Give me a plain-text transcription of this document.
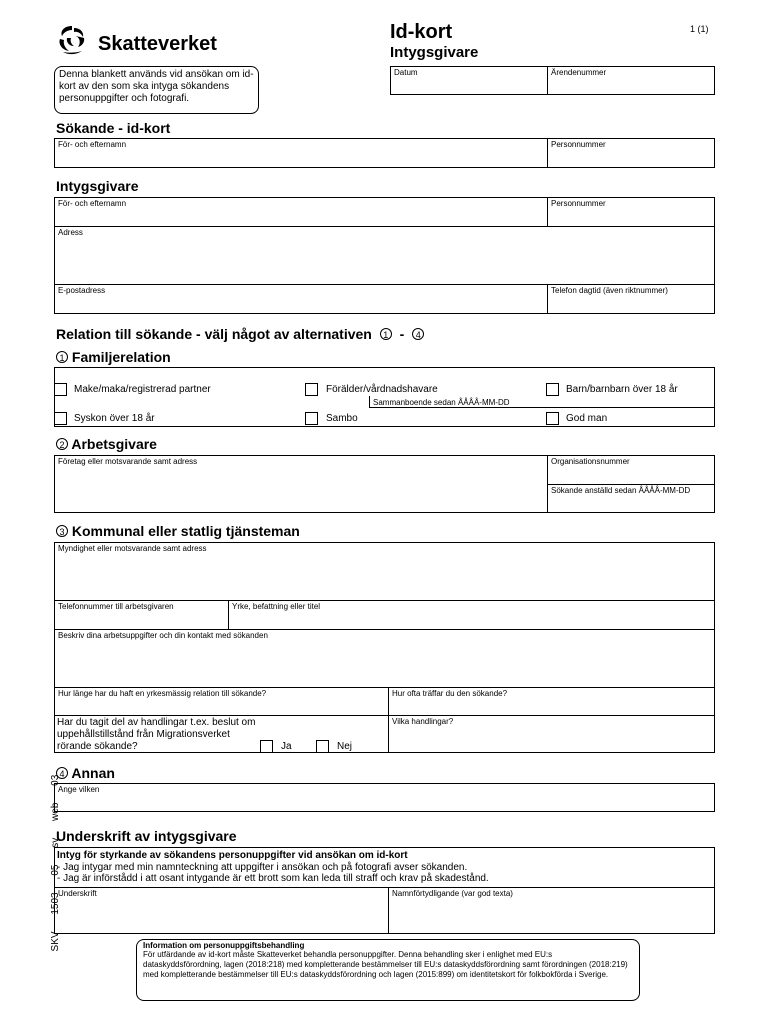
Skatteverket
Id-kort
Intygsgivare
1 (1)
Denna blankett används vid ansökan om id-kort av den som ska intyga sökandens personuppgifter och fotografi.
Datum	Ärendenummer
Sökande - id-kort
För- och efternamn	Personnummer
Intygsgivare
För- och efternamn	Personnummer
Adress
E-postadress	Telefon dagtid (även riktnummer)
Relation till sökande - välj något av alternativen 1 - 4
1 Familjerelation
Make/maka/registrerad partner	Förälder/vårdnadshavare	Barn/barnbarn över 18 år
Sammanboende sedan ÅÅÅÅ-MM-DD
Syskon över 18 år	Sambo	God man
2 Arbetsgivare
Företag eller motsvarande samt adress	Organisationsnummer
Sökande anställd sedan ÅÅÅÅ-MM-DD
3 Kommunal eller statlig tjänsteman
Myndighet eller motsvarande samt adress
Telefonnummer till arbetsgivaren	Yrke, befattning eller titel
Beskriv dina arbetsuppgifter och din kontakt med sökanden
Hur länge har du haft en yrkesmässig relation till sökande?	Hur ofta träffar du den sökande?
Har du tagit del av handlingar t.ex. beslut om uppehållstillstånd från Migrationsverket rörande sökande?	Ja	Nej
Vilka handlingar?
4 Annan
Ange vilken
Underskrift av intygsgivare
Intyg för styrkande av sökandens personuppgifter vid ansökan om id-kort
- Jag intygar med min namnteckning att uppgifter i ansökan och på fotografi avser sökanden.
- Jag är införstådd i att osant intygande är ett brott som kan leda till straff och krav på skadestånd.
Underskrift	Namnförtydligande (var god texta)
Information om personuppgiftsbehandling
För utfärdande av id-kort måste Skatteverket behandla personuppgifter. Denna behandling sker i enlighet med EU:s dataskyddsförordning, lagen (2018:218) med kompletterande bestämmelser till EU:s dataskyddsförordning samt förordningen (2018:219) med kompletterande bestämmelser till EU:s dataskyddsförordning och lagen (2015:899) om identitetskort för folkbokförda i Sverige.

SKV 1503 05 sv web 03
